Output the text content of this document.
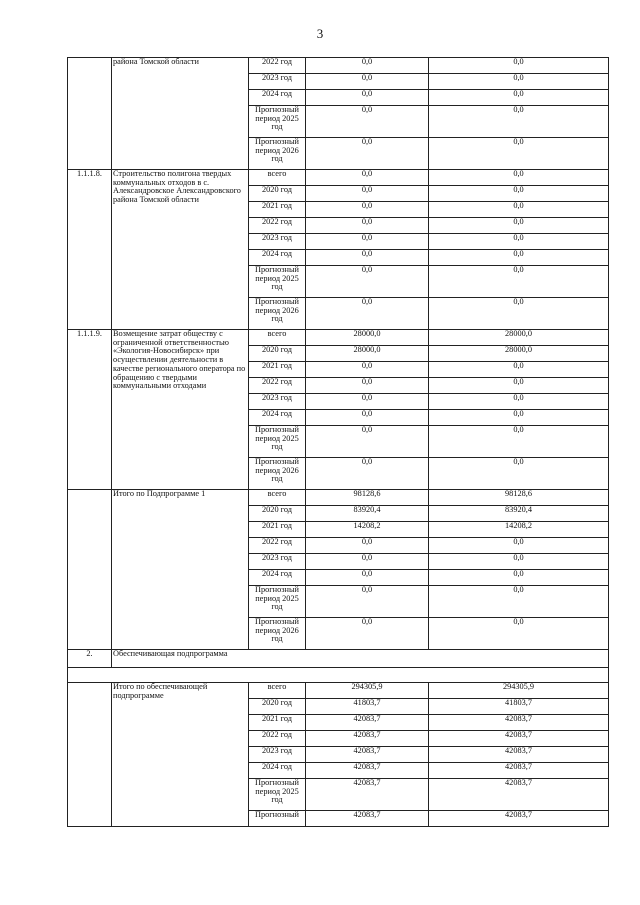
3
	района Томской области	2022 год	0,0	0,0
		2023 год	0,0	0,0
		2024 год	0,0	0,0
		Прогнозный период 2025 год	0,0	0,0
		Прогнозный период 2026 год	0,0	0,0
1.1.1.8.	Строительство полигона твердых коммунальных отходов в с. Александровское Александровского района Томской области	всего	0,0	0,0
		2020 год	0,0	0,0
		2021 год	0,0	0,0
		2022 год	0,0	0,0
		2023 год	0,0	0,0
		2024 год	0,0	0,0
		Прогнозный период 2025 год	0,0	0,0
		Прогнозный период 2026 год	0,0	0,0
1.1.1.9.	Возмещение затрат обществу с ограниченной ответственностью «Экология-Новосибирск» при осуществлении деятельности в качестве регионального оператора по обращению с твердыми коммунальными отходами	всего	28000,0	28000,0
		2020 год	28000,0	28000,0
		2021 год	0,0	0,0
		2022 год	0,0	0,0
		2023 год	0,0	0,0
		2024 год	0,0	0,0
		Прогнозный период 2025 год	0,0	0,0
		Прогнозный период 2026 год	0,0	0,0
	Итого по Подпрограмме 1	всего	98128,6	98128,6
		2020 год	83920,4	83920,4
		2021 год	14208,2	14208,2
		2022 год	0,0	0,0
		2023 год	0,0	0,0
		2024 год	0,0	0,0
		Прогнозный период 2025 год	0,0	0,0
		Прогнозный период 2026 год	0,0	0,0
2.	Обеспечивающая подпрограмма			

	Итого по обеспечивающей подпрограмме	всего	294305,9	294305,9
		2020 год	41803,7	41803,7
		2021 год	42083,7	42083,7
		2022 год	42083,7	42083,7
		2023 год	42083,7	42083,7
		2024 год	42083,7	42083,7
		Прогнозный период 2025 год	42083,7	42083,7
		Прогнозный	42083,7	42083,7
